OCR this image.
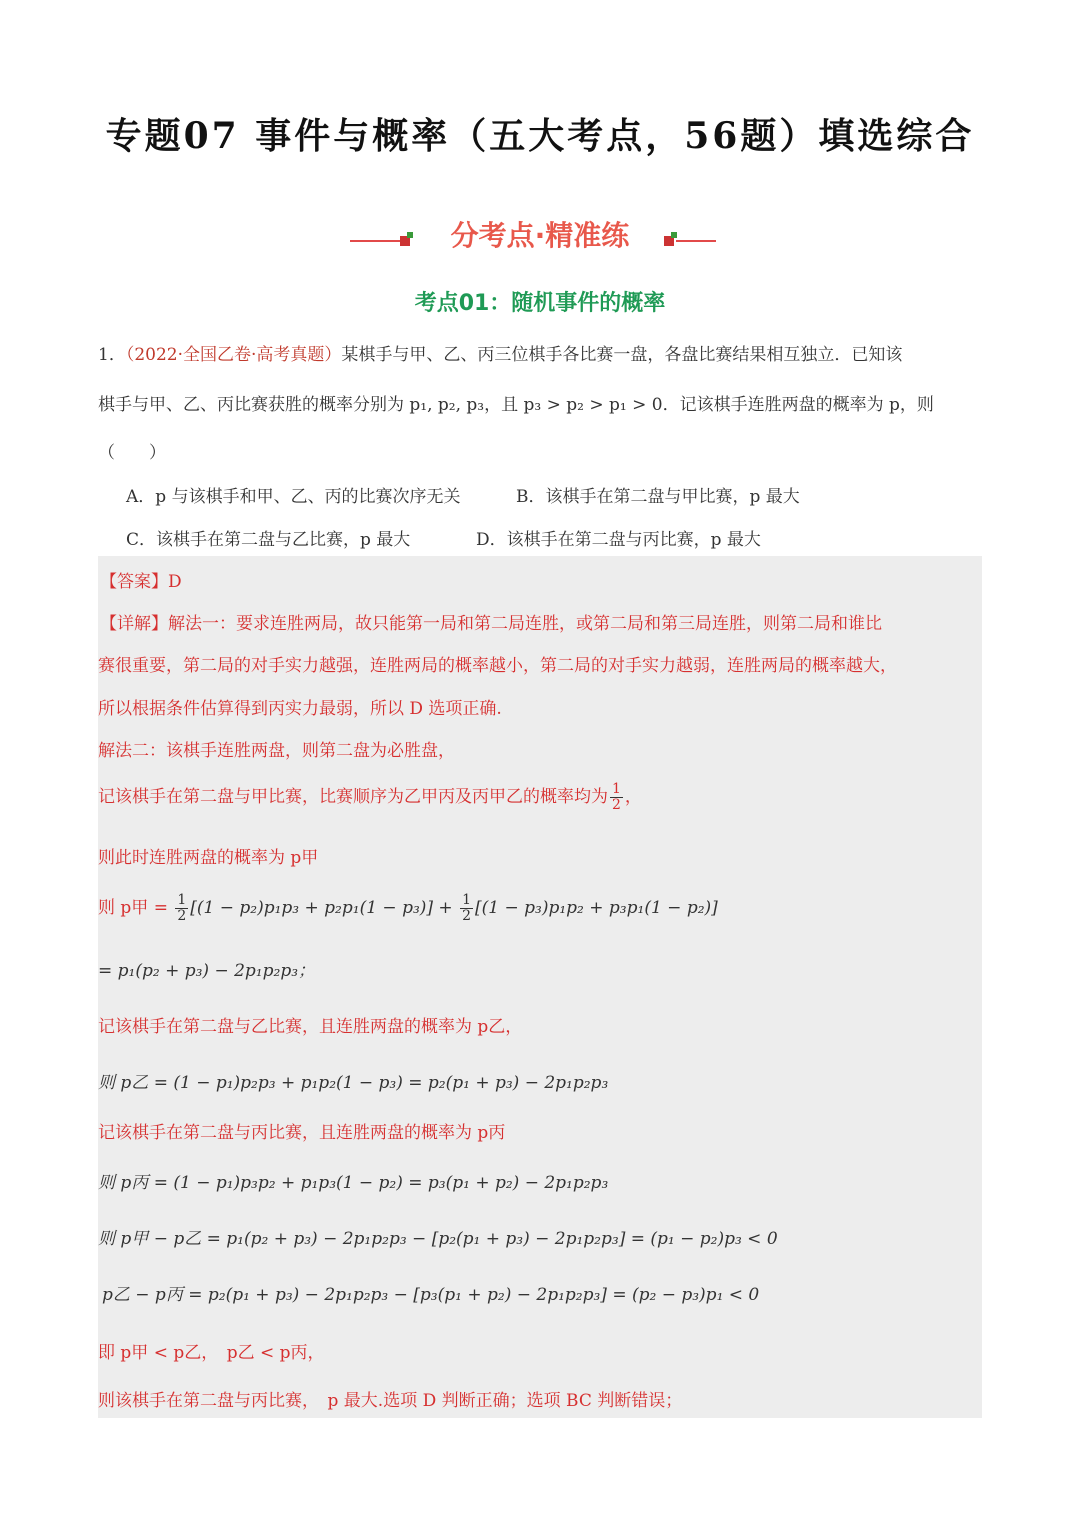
专题07 事件与概率（五大考点，56题）填选综合
分考点·精准练
考点01：随机事件的概率
1．（2022·全国乙卷·高考真题）某棋手与甲、乙、丙三位棋手各比赛一盘，各盘比赛结果相互独立．已知该
棋手与甲、乙、丙比赛获胜的概率分别为 p₁, p₂, p₃，且 p₃ > p₂ > p₁ > 0．记该棋手连胜两盘的概率为 p，则
（　　）
A．p 与该棋手和甲、乙、丙的比赛次序无关	B．该棋手在第二盘与甲比赛，p 最大
C．该棋手在第二盘与乙比赛，p 最大	D．该棋手在第二盘与丙比赛，p 最大
【答案】D
【详解】解法一：要求连胜两局，故只能第一局和第二局连胜，或第二局和第三局连胜，则第二局和谁比
赛很重要，第二局的对手实力越强，连胜两局的概率越小，第二局的对手实力越弱，连胜两局的概率越大，
所以根据条件估算得到丙实力最弱，所以 D 选项正确.
解法二：该棋手连胜两盘，则第二盘为必胜盘，
记该棋手在第二盘与甲比赛，比赛顺序为乙甲丙及丙甲乙的概率均为 $\frac{1}{2}$ ，
则此时连胜两盘的概率为 p甲
则 p甲 = $\frac{1}{2} [(1 - p_2)p_1p_3 + p_2p_1(1 - p_3)] + \frac{1}{2} [(1 - p_3)p_1p_2 + p_3p_1(1 - p_2)]$
= p₁(p₂ + p₃) − 2p₁p₂p₃；
记该棋手在第二盘与乙比赛，且连胜两盘的概率为 p乙，
则 p乙 = (1 − p₁)p₂p₃ + p₁p₂(1 − p₃) = p₂(p₁ + p₃) − 2p₁p₂p₃
记该棋手在第二盘与丙比赛，且连胜两盘的概率为 p丙
则 p丙 = (1 − p₁)p₃p₂ + p₁p₃(1 − p₂) = p₃(p₁ + p₂) − 2p₁p₂p₃
则 p甲 − p乙 = p₁(p₂ + p₃) − 2p₁p₂p₃ − [p₂(p₁ + p₃) − 2p₁p₂p₃] = (p₁ − p₂)p₃ < 0
p乙 − p丙 = p₂(p₁ + p₃) − 2p₁p₂p₃ − [p₃(p₁ + p₂) − 2p₁p₂p₃] = (p₂ − p₃)p₁ < 0
即 p甲 < p乙，　p乙 < p丙，
则该棋手在第二盘与丙比赛，　p 最大.选项 D 判断正确；选项 BC 判断错误；
